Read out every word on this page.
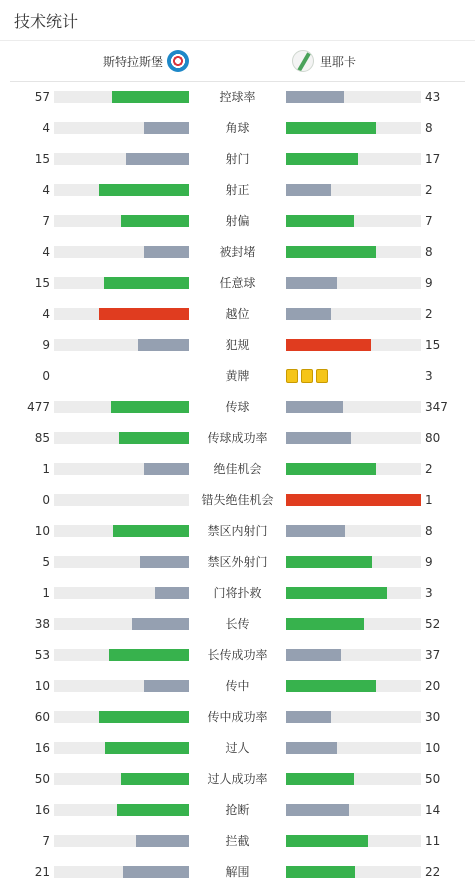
技术统计
斯特拉斯堡	里耶卡
57	控球率	43
4	角球	8
15	射门	17
4	射正	2
7	射偏	7
4	被封堵	8
15	任意球	9
4	越位	2
9	犯规	15
0	黄牌	3
477	传球	347
85	传球成功率	80
1	绝佳机会	2
0	错失绝佳机会	1
10	禁区内射门	8
5	禁区外射门	9
1	门将扑救	3
38	长传	52
53	长传成功率	37
10	传中	20
60	传中成功率	30
16	过人	10
50	过人成功率	50
16	抢断	14
7	拦截	11
21	解围	22
